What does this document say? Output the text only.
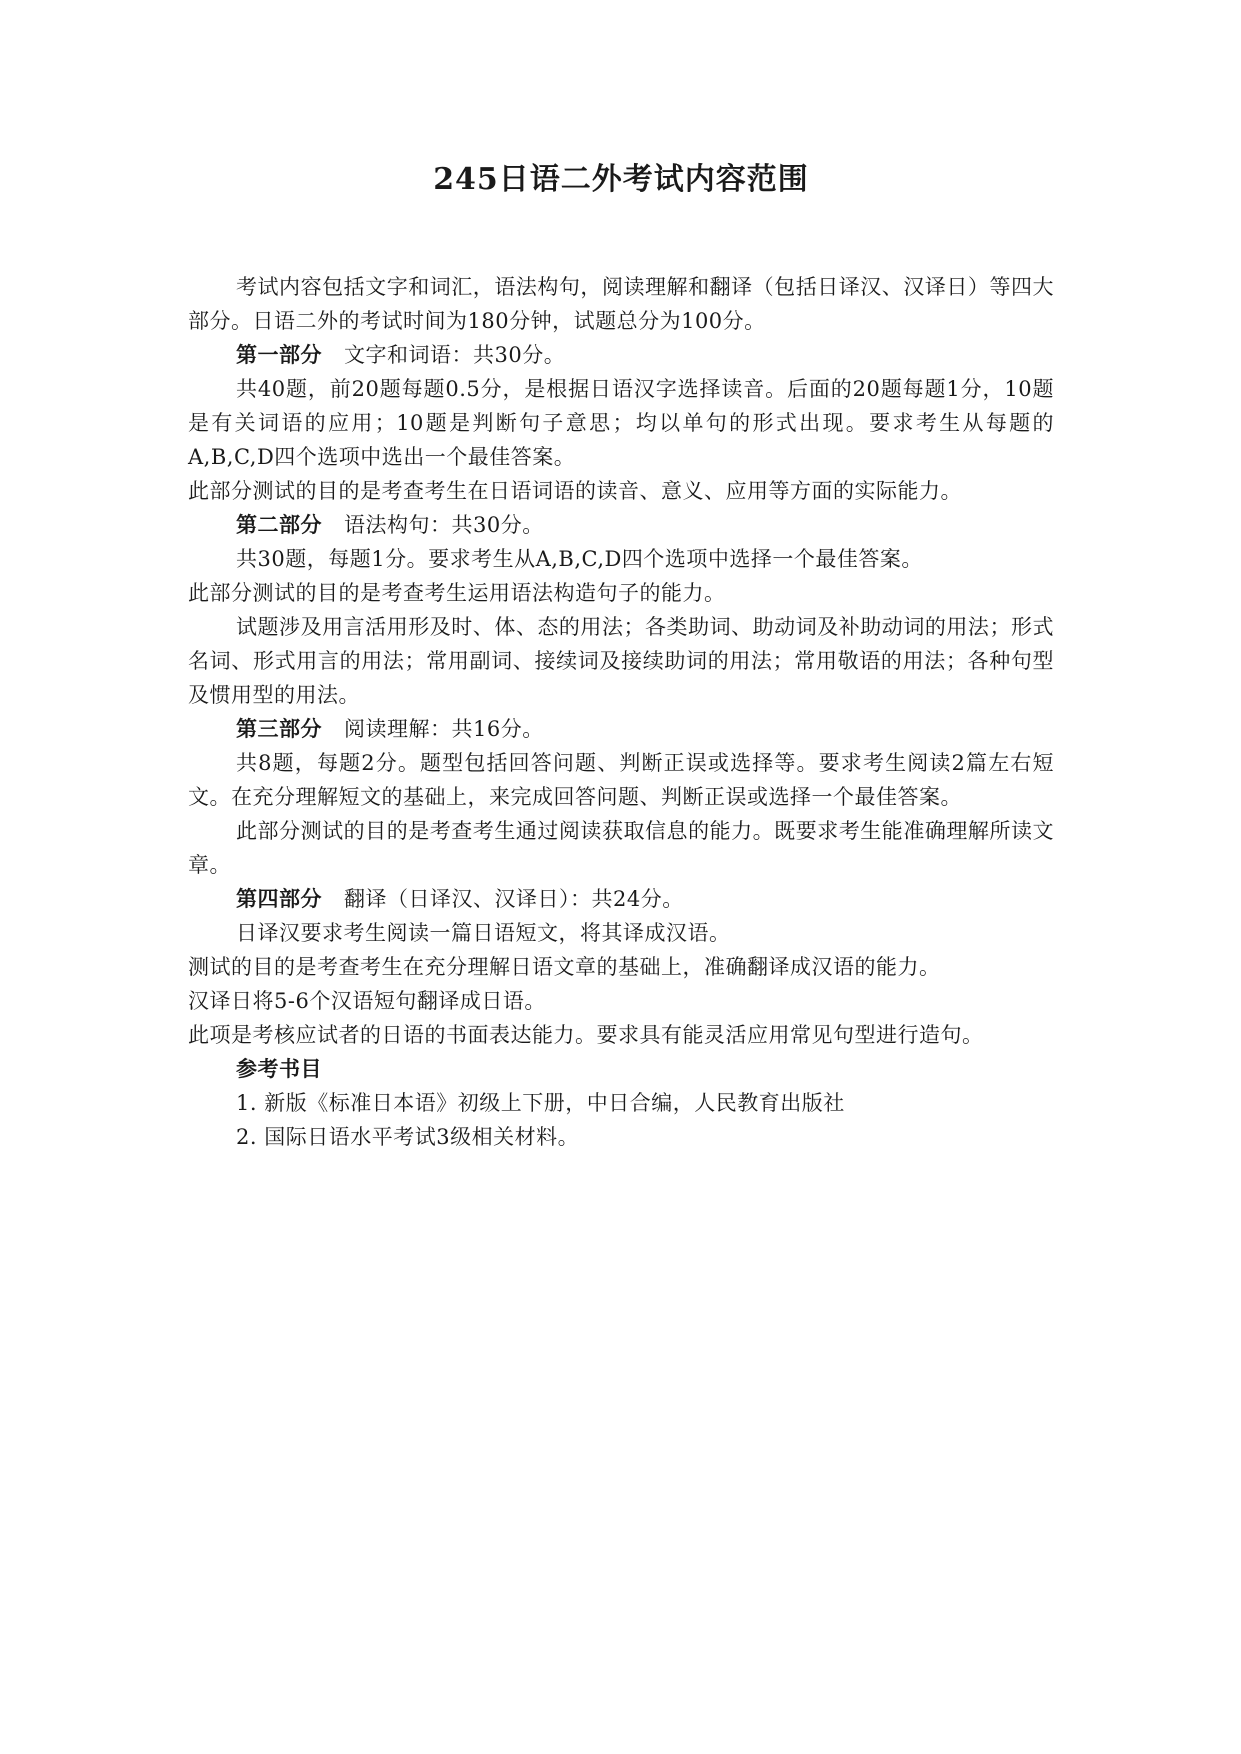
245日语二外考试内容范围

考试内容包括文字和词汇，语法构句，阅读理解和翻译（包括日译汉、汉译日）等四大部分。日语二外的考试时间为180分钟，试题总分为100分。

第一部分 文字和词语：共30分。

共40题，前20题每题0.5分，是根据日语汉字选择读音。后面的20题每题1分，10题是有关词语的应用；10题是判断句子意思；均以单句的形式出现。要求考生从每题的A,B,C,D四个选项中选出一个最佳答案。

此部分测试的目的是考查考生在日语词语的读音、意义、应用等方面的实际能力。

第二部分 语法构句：共30分。

共30题，每题1分。要求考生从A,B,C,D四个选项中选择一个最佳答案。

此部分测试的目的是考查考生运用语法构造句子的能力。

试题涉及用言活用形及时、体、态的用法；各类助词、助动词及补助动词的用法；形式名词、形式用言的用法；常用副词、接续词及接续助词的用法；常用敬语的用法；各种句型及惯用型的用法。

第三部分 阅读理解：共16分。

共8题，每题2分。题型包括回答问题、判断正误或选择等。要求考生阅读2篇左右短文。在充分理解短文的基础上，来完成回答问题、判断正误或选择一个最佳答案。

此部分测试的目的是考查考生通过阅读获取信息的能力。既要求考生能准确理解所读文章。

第四部分 翻译（日译汉、汉译日）：共24分。

日译汉要求考生阅读一篇日语短文，将其译成汉语。

测试的目的是考查考生在充分理解日语文章的基础上，准确翻译成汉语的能力。

汉译日将5-6个汉语短句翻译成日语。

此项是考核应试者的日语的书面表达能力。要求具有能灵活应用常见句型进行造句。

参考书目

1. 新版《标准日本语》初级上下册，中日合编，人民教育出版社

2. 国际日语水平考试3级相关材料。
